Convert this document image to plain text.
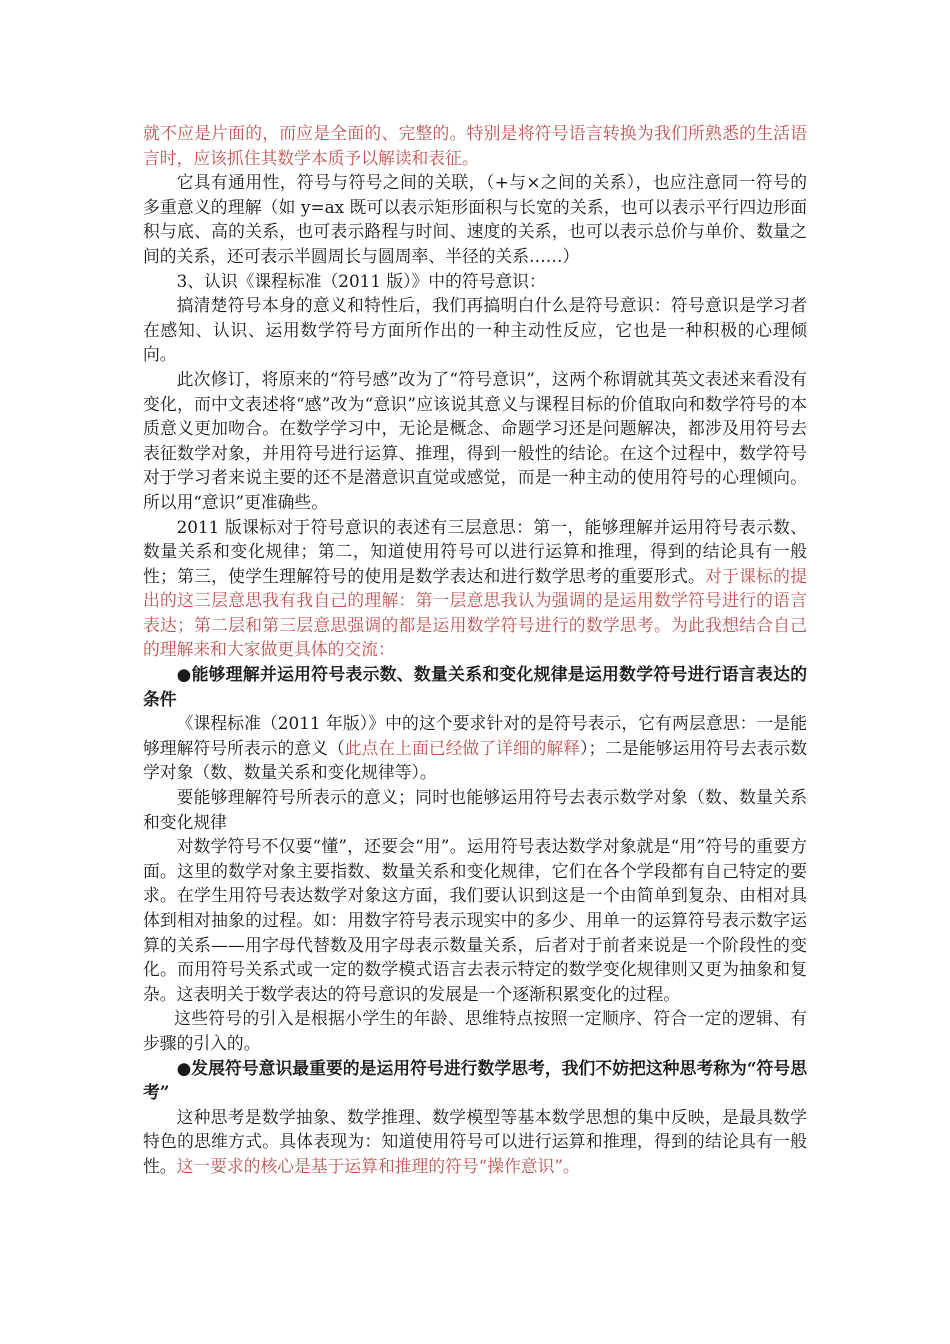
就不应是片面的，而应是全面的、完整的。特别是将符号语言转换为我们所熟悉的生活语言时，应该抓住其数学本质予以解读和表征。

它具有通用性，符号与符号之间的关联，（+与×之间的关系），也应注意同一符号的多重意义的理解（如 y=ax 既可以表示矩形面积与长宽的关系，也可以表示平行四边形面积与底、高的关系，也可表示路程与时间、速度的关系，也可以表示总价与单价、数量之间的关系，还可表示半圆周长与圆周率、半径的关系……）

3、认识《课程标准（2011 版）》中的符号意识：

搞清楚符号本身的意义和特性后，我们再搞明白什么是符号意识：符号意识是学习者在感知、认识、运用数学符号方面所作出的一种主动性反应，它也是一种积极的心理倾向。

此次修订，将原来的“符号感”改为了“符号意识”，这两个称谓就其英文表述来看没有变化，而中文表述将“感”改为“意识”应该说其意义与课程目标的价值取向和数学符号的本质意义更加吻合。在数学学习中，无论是概念、命题学习还是问题解决，都涉及用符号去表征数学对象，并用符号进行运算、推理，得到一般性的结论。在这个过程中，数学符号对于学习者来说主要的还不是潜意识直觉或感觉，而是一种主动的使用符号的心理倾向。所以用“意识”更准确些。

2011 版课标对于符号意识的表述有三层意思：第一，能够理解并运用符号表示数、数量关系和变化规律；第二，知道使用符号可以进行运算和推理，得到的结论具有一般性；第三，使学生理解符号的使用是数学表达和进行数学思考的重要形式。对于课标的提出的这三层意思我有我自己的理解：第一层意思我认为强调的是运用数学符号进行的语言表达；第二层和第三层意思强调的都是运用数学符号进行的数学思考。为此我想结合自己的理解来和大家做更具体的交流：

● 能够理解并运用符号表示数、数量关系和变化规律是运用数学符号进行语言表达的条件

《课程标准（2011 年版）》中的这个要求针对的是符号表示，它有两层意思：一是能够理解符号所表示的意义（此点在上面已经做了详细的解释）；二是能够运用符号去表示数学对象（数、数量关系和变化规律等）。

要能够理解符号所表示的意义；同时也能够运用符号去表示数学对象（数、数量关系和变化规律

对数学符号不仅要“懂”，还要会“用”。运用符号表达数学对象就是“用”符号的重要方面。这里的数学对象主要指数、数量关系和变化规律，它们在各个学段都有自己特定的要求。在学生用符号表达数学对象这方面，我们要认识到这是一个由简单到复杂、由相对具体到相对抽象的过程。如：用数字符号表示现实中的多少、用单一的运算符号表示数字运算的关系——用字母代替数及用字母表示数量关系，后者对于前者来说是一个阶段性的变化。而用符号关系式或一定的数学模式语言去表示特定的数学变化规律则又更为抽象和复杂。这表明关于数学表达的符号意识的发展是一个逐渐积累变化的过程。

这些符号的引入是根据小学生的年龄、思维特点按照一定顺序、符合一定的逻辑、有步骤的引入的。

● 发展符号意识最重要的是运用符号进行数学思考，我们不妨把这种思考称为“符号思考”

这种思考是数学抽象、数学推理、数学模型等基本数学思想的集中反映，是最具数学特色的思维方式。具体表现为：知道使用符号可以进行运算和推理，得到的结论具有一般性。这一要求的核心是基于运算和推理的符号“操作意识”。
